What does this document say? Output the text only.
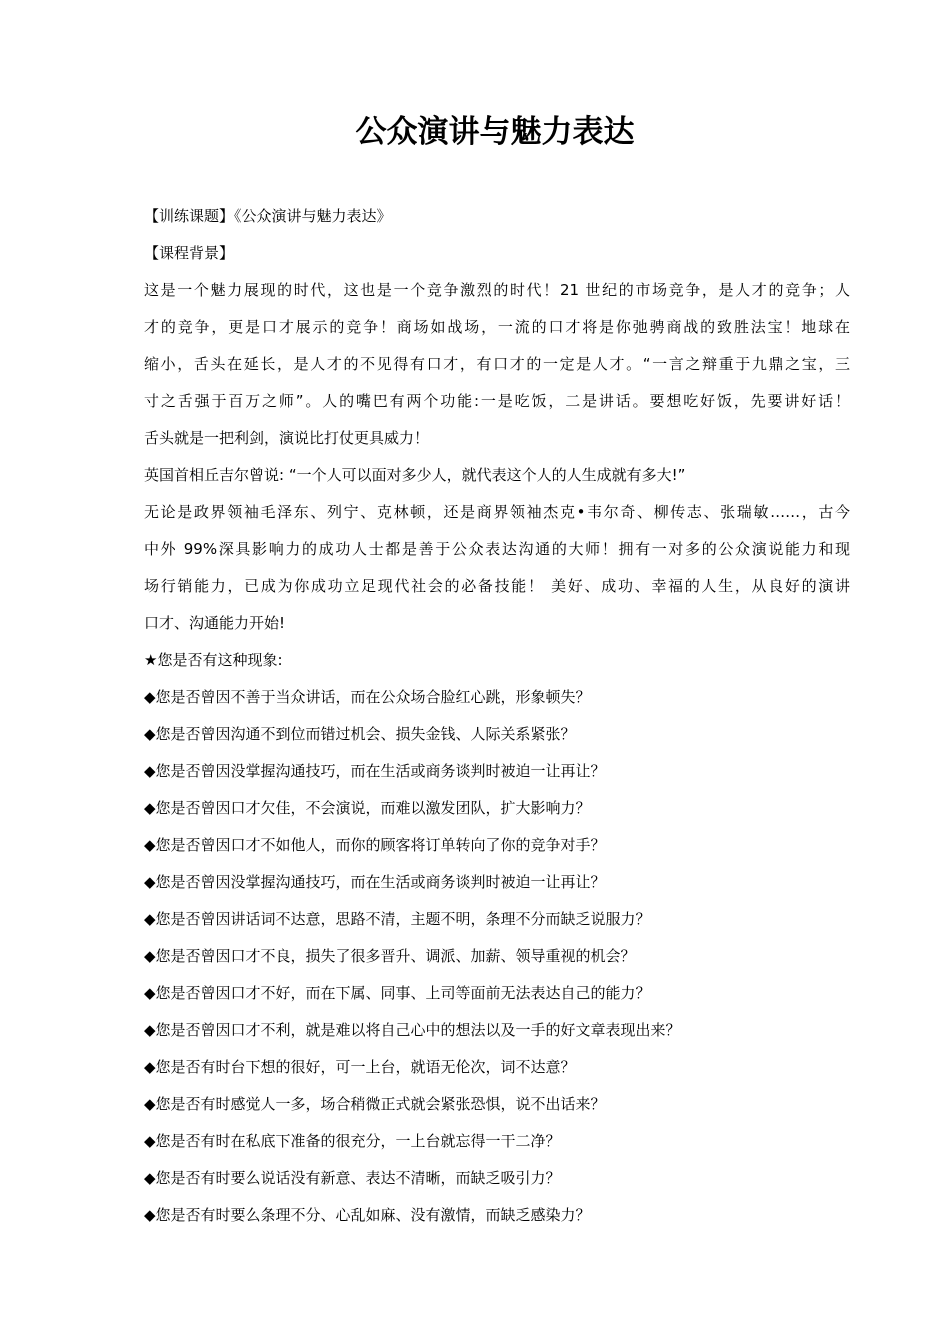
公众演讲与魅力表达
【训练课题】《公众演讲与魅力表达》
【课程背景】
这是一个魅力展现的时代，这也是一个竞争激烈的时代！21 世纪的市场竞争，是人才的竞争；人
才的竞争，更是口才展示的竞争！商场如战场，一流的口才将是你弛骋商战的致胜法宝！地球在
缩小，舌头在延长，是人才的不见得有口才，有口才的一定是人才。“一言之辩重于九鼎之宝，三
寸之舌强于百万之师”。人的嘴巴有两个功能:一是吃饭，二是讲话。要想吃好饭，先要讲好话！
舌头就是一把利剑，演说比打仗更具威力！
英国首相丘吉尔曾说: “一个人可以面对多少人，就代表这个人的人生成就有多大!”
无论是政界领袖毛泽东、列宁、克林顿，还是商界领袖杰克•韦尔奇、柳传志、张瑞敏……，古今
中外 99%深具影响力的成功人士都是善于公众表达沟通的大师！拥有一对多的公众演说能力和现
场行销能力，已成为你成功立足现代社会的必备技能！ 美好、成功、幸福的人生，从良好的演讲
口才、沟通能力开始!
★您是否有这种现象:
◆您是否曾因不善于当众讲话，而在公众场合脸红心跳，形象顿失？
◆您是否曾因沟通不到位而错过机会、损失金钱、人际关系紧张？
◆您是否曾因没掌握沟通技巧，而在生活或商务谈判时被迫一让再让？
◆您是否曾因口才欠佳，不会演说，而难以激发团队，扩大影响力？
◆您是否曾因口才不如他人，而你的顾客将订单转向了你的竞争对手？
◆您是否曾因没掌握沟通技巧，而在生活或商务谈判时被迫一让再让？
◆您是否曾因讲话词不达意，思路不清，主题不明，条理不分而缺乏说服力？
◆您是否曾因口才不良，损失了很多晋升、调派、加薪、领导重视的机会？
◆您是否曾因口才不好，而在下属、同事、上司等面前无法表达自己的能力？
◆您是否曾因口才不利，就是难以将自己心中的想法以及一手的好文章表现出来？
◆您是否有时台下想的很好，可一上台，就语无伦次，词不达意？
◆您是否有时感觉人一多，场合稍微正式就会紧张恐惧，说不出话来？
◆您是否有时在私底下准备的很充分，一上台就忘得一干二净？
◆您是否有时要么说话没有新意、表达不清晰，而缺乏吸引力？
◆您是否有时要么条理不分、心乱如麻、没有激情，而缺乏感染力？
